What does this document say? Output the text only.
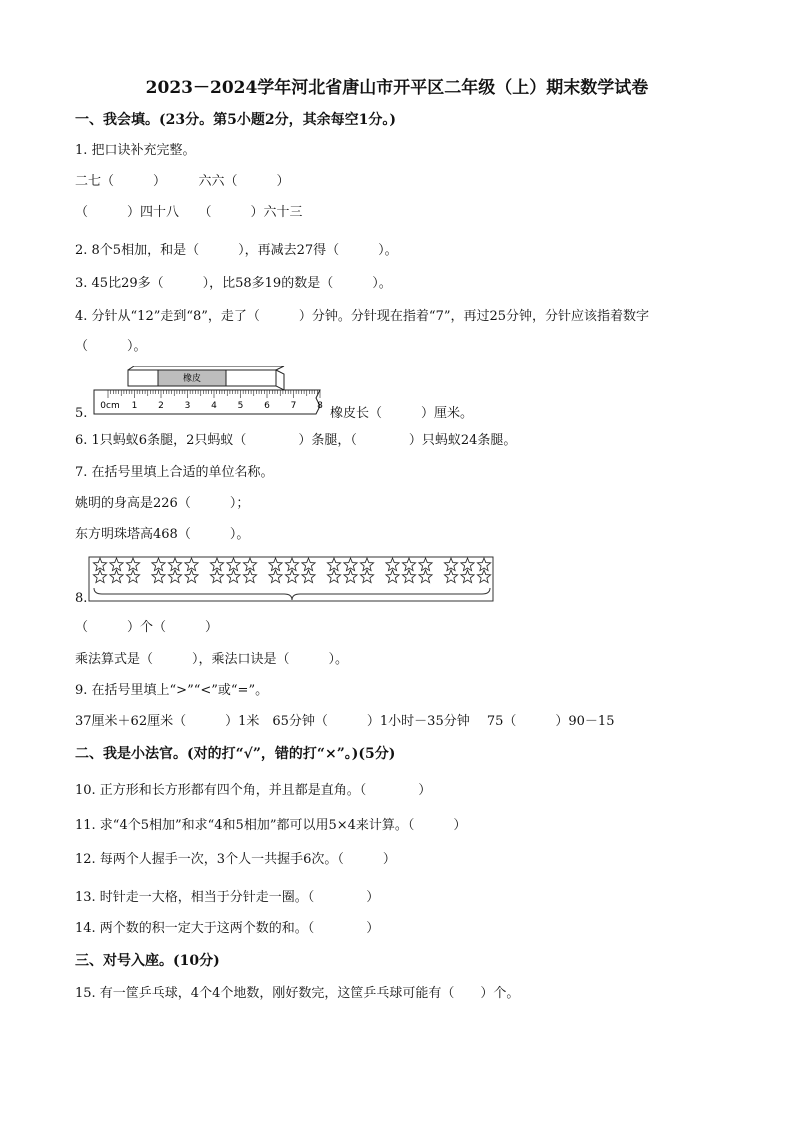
2023－2024学年河北省唐山市开平区二年级（上）期末数学试卷
一、我会填。(23分。第5小题2分，其余每空1分。)
1. 把口诀补充完整。
二七（　　　）　　　六六（　　　）
（　　　）四十八　　（　　　）六十三
2. 8个5相加，和是（　　　），再减去27得（　　　）。
3. 45比29多（　　　），比58多19的数是（　　　）。
4. 分针从“12”走到“8”，走了（　　　）分钟。分针现在指着“7”，再过25分钟，分针应该指着数字
（　　　）。
5.
橡皮
0cm 1 2 3 4 5 6 7 8 橡皮长（　　　）厘米。
6. 1只蚂蚁6条腿，2只蚂蚁（　　　　）条腿，（　　　　）只蚂蚁24条腿。
7. 在括号里填上合适的单位名称。
姚明的身高是226（　　　）；
东方明珠塔高468（　　　）。
8.
（　　　）个（　　　）
乘法算式是（　　　），乘法口诀是（　　　）。
9. 在括号里填上“>”“<”或“=”。
37厘米＋62厘米（　　　）1米　65分钟（　　　）1小时－35分钟　 75（　　　）90－15
二、我是小法官。(对的打“√”，错的打“×”。)(5分)
10. 正方形和长方形都有四个角，并且都是直角。（　　　　）
11. 求“4个5相加”和求“4和5相加”都可以用5×4来计算。（　　　）
12. 每两个人握手一次，3个人一共握手6次。（　　　）
13. 时针走一大格，相当于分针走一圈。（　　　　）
14. 两个数的积一定大于这两个数的和。（　　　　）
三、对号入座。(10分)
15. 有一筐乒乓球，4个4个地数，刚好数完，这筐乒乓球可能有（　　）个。
